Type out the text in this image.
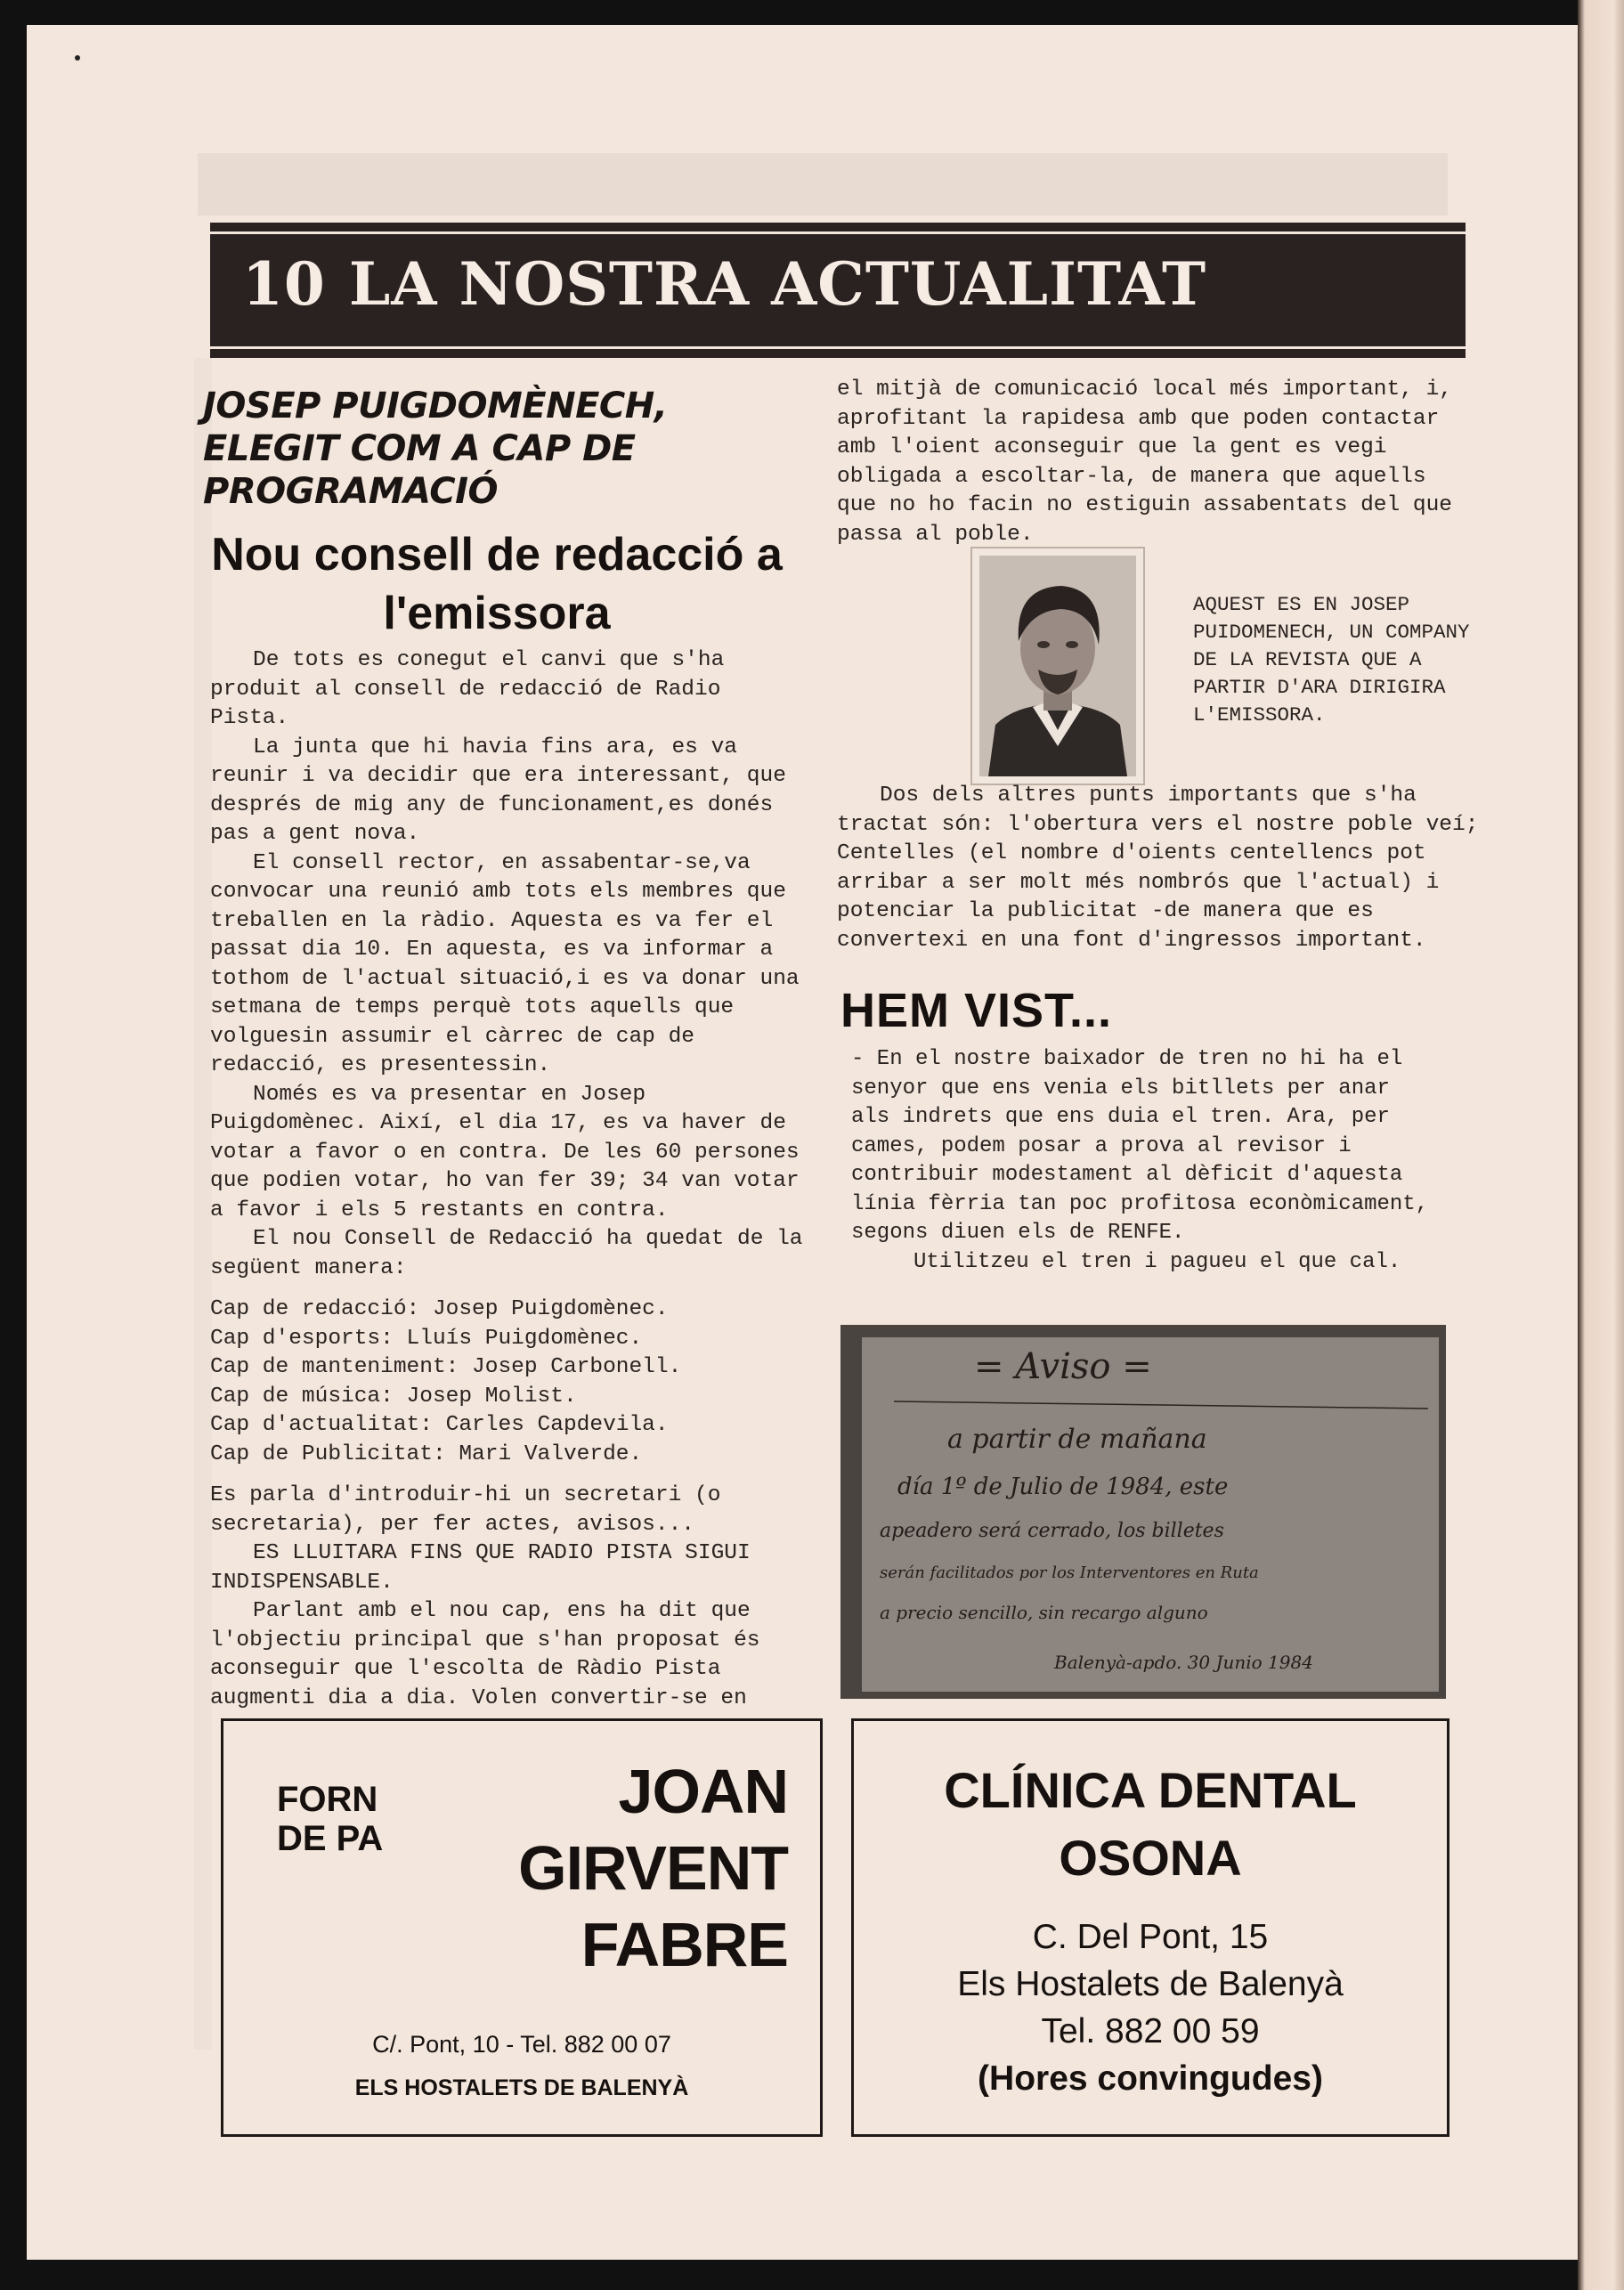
10 LA NOSTRA ACTUALITAT
JOSEP PUIGDOMÈNECH, ELEGIT COM A CAP DE PROGRAMACIÓ
Nou consell de redacció a l'emissora

De tots es conegut el canvi que s'ha produit al consell de redacció de Radio Pista.

La junta que hi havia fins ara, es va reunir i va decidir que era interessant, que després de mig any de funcionament,es donés pas a gent nova.

El consell rector, en assabentar-se,va convocar una reunió amb tots els membres que treballen en la ràdio. Aquesta es va fer el passat dia 10. En aquesta, es va informar a tothom de l'actual situació,i es va donar una setmana de temps perquè tots aquells que volguesin assumir el càrrec de cap de redacció, es presentessin.

Només es va presentar en Josep Puigdomènec. Així, el dia 17, es va haver de votar a favor o en contra. De les 60 persones que podien votar, ho van fer 39; 34 van votar a favor i els 5 restants en contra.

El nou Consell de Redacció ha quedat de la següent manera:

Cap de redacció: Josep Puigdomènec.

Cap d'esports: Lluís Puigdomènec.

Cap de manteniment: Josep Carbonell.

Cap de música: Josep Molist.

Cap d'actualitat: Carles Capdevila.

Cap de Publicitat: Mari Valverde.

Es parla d'introduir-hi un secretari (o secretaria), per fer actes, avisos...

ES LLUITARA FINS QUE RADIO PISTA SIGUI INDISPENSABLE.

Parlant amb el nou cap, ens ha dit que l'objectiu principal que s'han proposat és aconseguir que l'escolta de Ràdio Pista augmenti dia a dia. Volen convertir-se en

el mitjà de comunicació local més important, i, aprofitant la rapidesa amb que poden contactar amb l'oient aconseguir que la gent es vegi obligada a escoltar-la, de manera que aquells que no ho facin no estiguin assabentats del que passa al poble.

AQUEST ES EN JOSEP PUIDOMENECH, UN COMPANY DE LA REVISTA QUE A PARTIR D'ARA DIRIGIRA L'EMISSORA.

Dos dels altres punts importants que s'ha tractat són: l'obertura vers el nostre poble veí; Centelles (el nombre d'oients centellencs pot arribar a ser molt més nombrós que l'actual) i potenciar la publicitat -de manera que es convertexi en una font d'ingressos important.

HEM VIST...

- En el nostre baixador de tren no hi ha el senyor que ens venia els bitllets per anar als indrets que ens duia el tren. Ara, per cames, podem posar a prova al revisor i contribuir modestament al dèficit d'aquesta línia fèrria tan poc profitosa econòmicament, segons diuen els de RENFE.

Utilitzeu el tren i pagueu el que cal.

= Aviso =
a partir de mañana
día 1º de Julio de 1984, este
apeadero será cerrado, los billetes
serán facilitados por los Interventores en Ruta
a precio sencillo, sin recargo alguno
Balenyà-apdo. 30 Junio 1984
FORN
DE PA
JOAN
GIRVENT
FABRE
C/. Pont, 10 - Tel. 882 00 07
ELS HOSTALETS DE BALENYÀ
CLÍNICA DENTAL
OSONA
C. Del Pont, 15
Els Hostalets de Balenyà
Tel. 882 00 59
(Hores convingudes)
